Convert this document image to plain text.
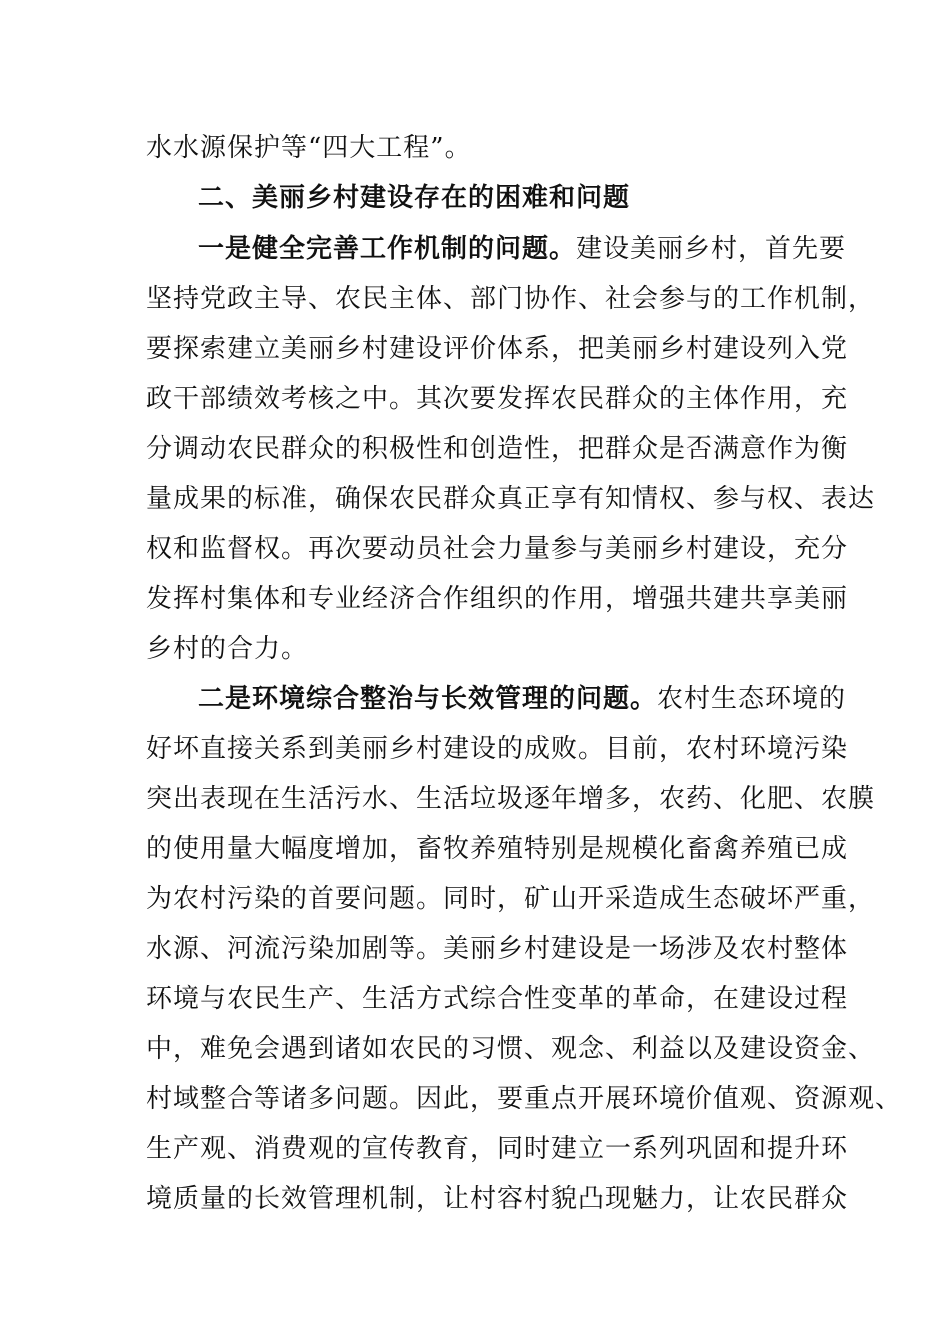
水水源保护等“四大工程”。
二、美丽乡村建设存在的困难和问题
一是健全完善工作机制的问题。建设美丽乡村，首先要
坚持党政主导、农民主体、部门协作、社会参与的工作机制，
要探索建立美丽乡村建设评价体系，把美丽乡村建设列入党
政干部绩效考核之中。其次要发挥农民群众的主体作用，充
分调动农民群众的积极性和创造性，把群众是否满意作为衡
量成果的标准，确保农民群众真正享有知情权、参与权、表达
权和监督权。再次要动员社会力量参与美丽乡村建设，充分
发挥村集体和专业经济合作组织的作用，增强共建共享美丽
乡村的合力。
二是环境综合整治与长效管理的问题。农村生态环境的
好坏直接关系到美丽乡村建设的成败。目前，农村环境污染
突出表现在生活污水、生活垃圾逐年增多，农药、化肥、农膜
的使用量大幅度增加，畜牧养殖特别是规模化畜禽养殖已成
为农村污染的首要问题。同时，矿山开采造成生态破坏严重，
水源、河流污染加剧等。美丽乡村建设是一场涉及农村整体
环境与农民生产、生活方式综合性变革的革命，在建设过程
中，难免会遇到诸如农民的习惯、观念、利益以及建设资金、
村域整合等诸多问题。因此，要重点开展环境价值观、资源观、
生产观、消费观的宣传教育，同时建立一系列巩固和提升环
境质量的长效管理机制，让村容村貌凸现魅力，让农民群众
